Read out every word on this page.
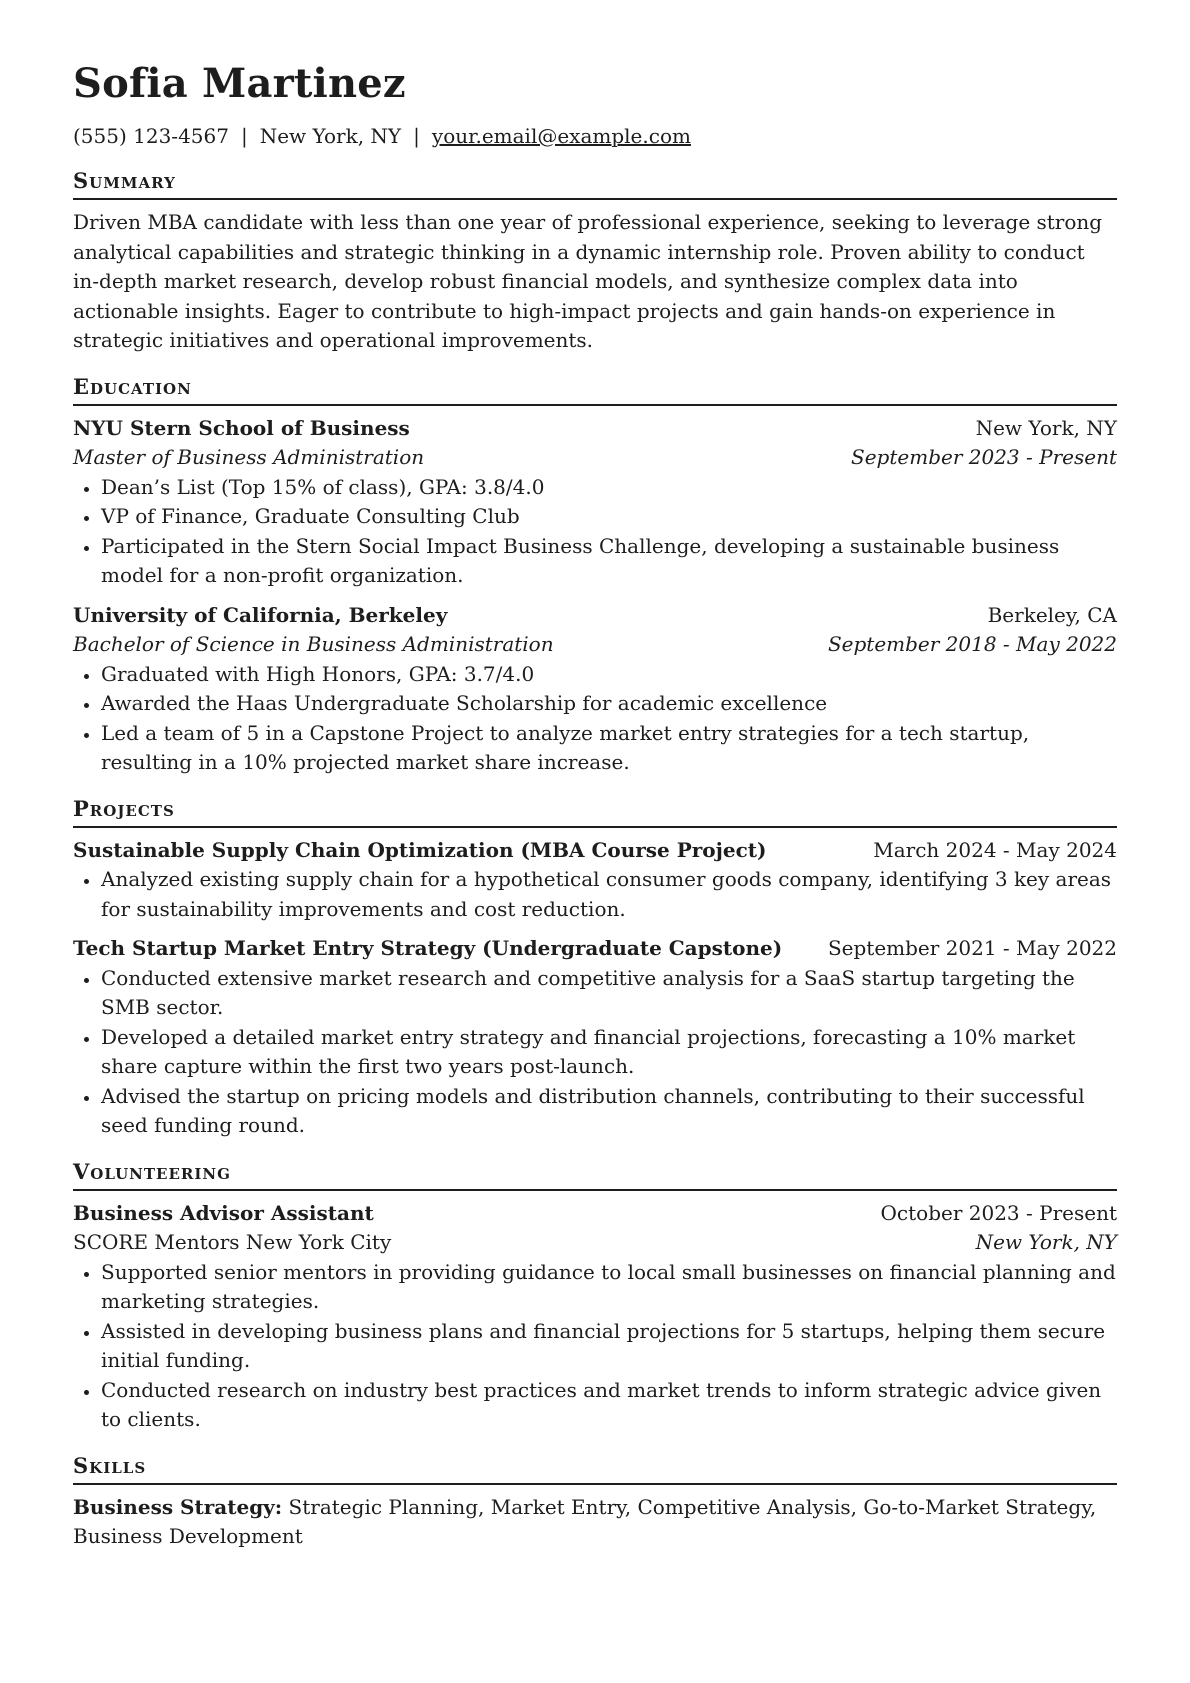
Sofia Martinez
(555) 123-4567 | New York, NY | your.email@example.com
Summary

Driven MBA candidate with less than one year of professional experience, seeking to leverage strong analytical capabilities and strategic thinking in a dynamic internship role. Proven ability to conduct in-depth market research, develop robust financial models, and synthesize complex data into actionable insights. Eager to contribute to high-impact projects and gain hands-on experience in strategic initiatives and operational improvements.

Education
NYU Stern School of Business	New York, NY
Master of Business Administration	September 2023 - Present
• Dean’s List (Top 15% of class), GPA: 3.8/4.0
• VP of Finance, Graduate Consulting Club
• Participated in the Stern Social Impact Business Challenge, developing a sustainable business model for a non-profit organization.
University of California, Berkeley	Berkeley, CA
Bachelor of Science in Business Administration	September 2018 - May 2022
• Graduated with High Honors, GPA: 3.7/4.0
• Awarded the Haas Undergraduate Scholarship for academic excellence
• Led a team of 5 in a Capstone Project to analyze market entry strategies for a tech startup, resulting in a 10% projected market share increase.
Projects
Sustainable Supply Chain Optimization (MBA Course Project)	March 2024 - May 2024
• Analyzed existing supply chain for a hypothetical consumer goods company, identifying 3 key areas for sustainability improvements and cost reduction.
Tech Startup Market Entry Strategy (Undergraduate Capstone) September 2021 - May 2022
• Conducted extensive market research and competitive analysis for a SaaS startup targeting the SMB sector.
• Developed a detailed market entry strategy and financial projections, forecasting a 10% market share capture within the first two years post-launch.
• Advised the startup on pricing models and distribution channels, contributing to their successful seed funding round.
Volunteering
Business Advisor Assistant	October 2023 - Present
SCORE Mentors New York City	New York, NY
• Supported senior mentors in providing guidance to local small businesses on financial planning and marketing strategies.
• Assisted in developing business plans and financial projections for 5 startups, helping them secure initial funding.
• Conducted research on industry best practices and market trends to inform strategic advice given to clients.
Skills

Business Strategy: Strategic Planning, Market Entry, Competitive Analysis, Go-to-Market Strategy, Business Development
